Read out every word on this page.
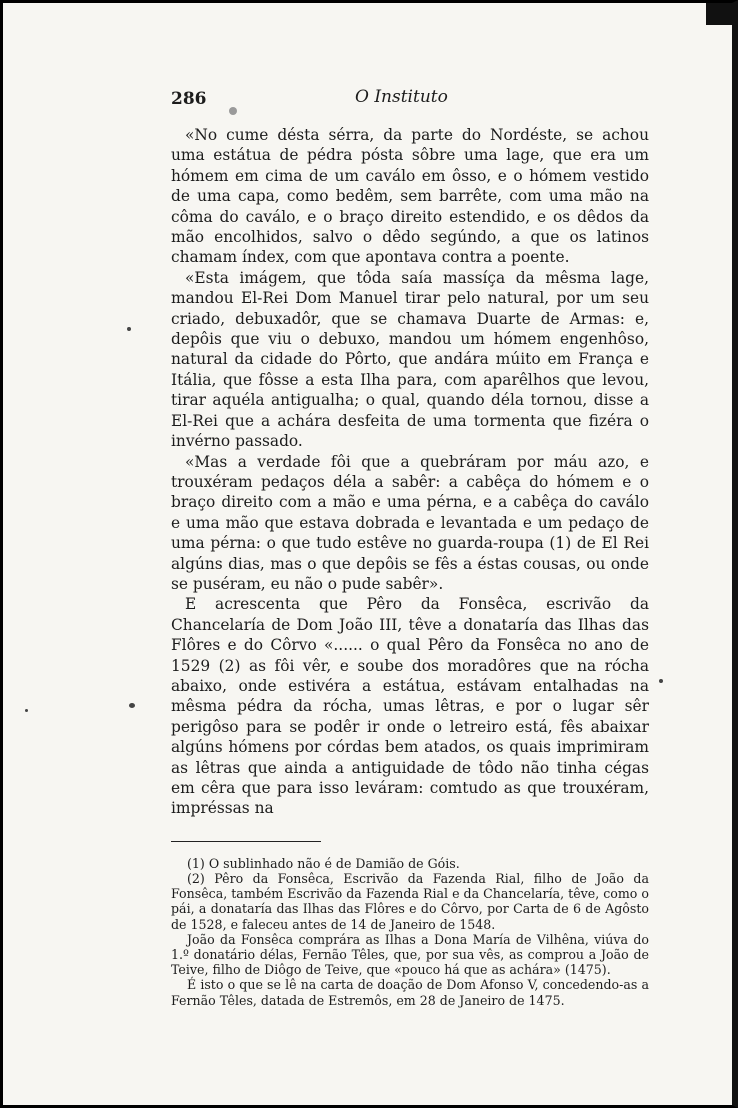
286	O Instituto

«No cume désta sérra, da parte do Nordéste, se achou uma estátua de pédra pósta sôbre uma lage, que era um hómem em cima de um caválo em ôsso, e o hómem vestido de uma capa, como bedêm, sem barrête, com uma mão na côma do caválo, e o braço direito estendido, e os dêdos da mão encolhidos, salvo o dêdo segúndo, a que os latinos chamam índex, com que apontava contra a poente.

«Esta imágem, que tôda saía massíça da mêsma lage, mandou El-Rei Dom Manuel tirar pelo natural, por um seu criado, debuxadôr, que se chamava Duarte de Armas: e, depôis que viu o debuxo, mandou um hómem engenhôso, natural da cidade do Pôrto, que andára múito em França e Itália, que fôsse a esta Ilha para, com aparêlhos que levou, tirar aquéla antigualha; o qual, quando déla tornou, disse a El-Rei que a achára desfeita de uma tormenta que fizéra o invérno passado.

«Mas a verdade fôi que a quebráram por máu azo, e trouxéram pedaços déla a sabêr: a cabêça do hómem e o braço direito com a mão e uma pérna, e a cabêça do caválo e uma mão que estava dobrada e levantada e um pedaço de uma pérna: o que tudo estêve no guarda-roupa (1) de El Rei algúns dias, mas o que depôis se fês a éstas cousas, ou onde se puséram, eu não o pude sabêr».

E acrescenta que Pêro da Fonsêca, escrivão da Chancelaría de Dom João III, têve a donataría das Ilhas das Flôres e do Côrvo «...... o qual Pêro da Fonsêca no ano de 1529 (2) as fôi vêr, e soube dos moradôres que na rócha abaixo, onde estivéra a estátua, estávam entalhadas na mêsma pédra da rócha, umas lêtras, e por o lugar sêr perigôso para se podêr ir onde o letreiro está, fês abaixar algúns hómens por córdas bem atados, os quais imprimiram as lêtras que ainda a antiguidade de tôdo não tinha cégas em cêra que para isso leváram: comtudo as que trouxéram, impréssas na

(1) O sublinhado não é de Damião de Góis.

(2) Pêro da Fonsêca, Escrivão da Fazenda Rial, filho de João da Fonsêca, também Escrivão da Fazenda Rial e da Chancelaría, têve, como o pái, a donataría das Ilhas das Flôres e do Côrvo, por Carta de 6 de Agôsto de 1528, e faleceu antes de 14 de Janeiro de 1548.

João da Fonsêca comprára as Ilhas a Dona María de Vilhêna, viúva do 1.º donatário délas, Fernão Têles, que, por sua vês, as comprou a João de Teive, filho de Diôgo de Teive, que «pouco há que as achára» (1475).

É isto o que se lê na carta de doação de Dom Afonso V, concedendo-as a Fernão Têles, datada de Estremôs, em 28 de Janeiro de 1475.
